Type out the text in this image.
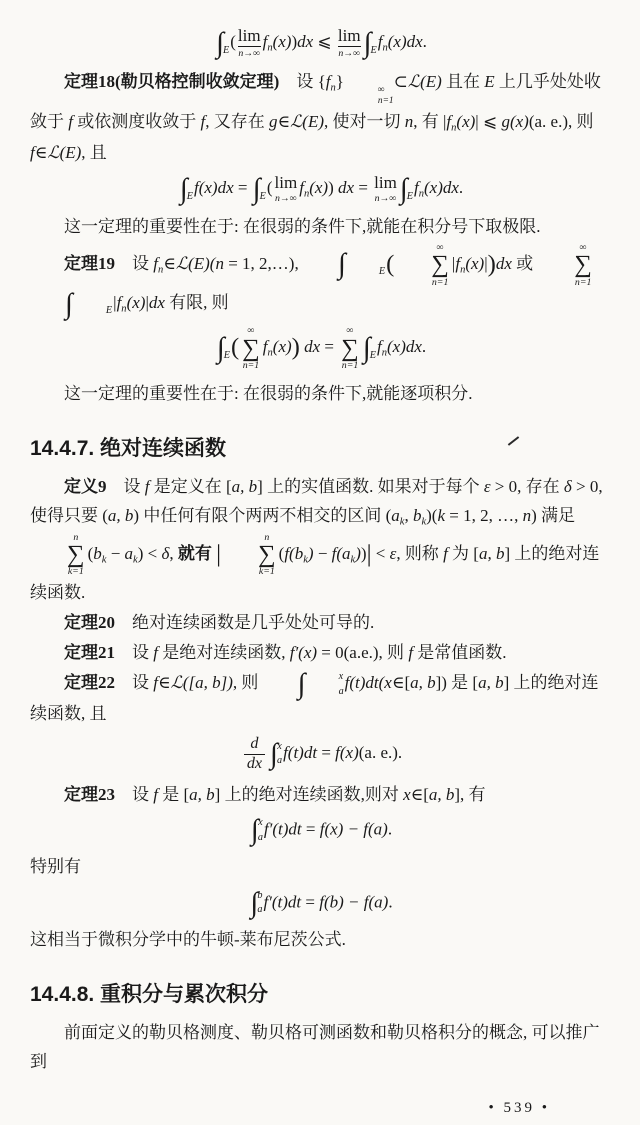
∫ E ( lim
n→∞
$f_n(x))dx$ ⩽ lim
n→∞ ∫ E $f_n(x)dx$.
定理18(勒贝格控制收敛定理)　设 $\{f_n\}$	∞
n=1
⊂ℒ(E) 且在 E 上几乎处处收敛于 f 或依测度收敛于 f, 又存在 g∈ℒ(E), 使对一切 n, 有 $|f_n(x)|$ ⩽ g(x)(a. e.), 则 f∈ℒ(E), 且
∫ E f(x)dx = ∫ E ( lim
n→∞
$f_n(x)$) dx = lim
n→∞ ∫ E $f_n(x)dx$.
这一定理的重要性在于: 在很弱的条件下,就能在积分号下取极限.
定理19　设 $f_n\in ℒ(E)(n = 1$, 2,…),	∫	E (
∞
∑
n=1
$|f_n(x)|)dx$ 或
∞
∑
n=1
∫	E $|f_n(x)|dx$ 有限, 则
∫ E (
∞
∑
n=1
$f_n(x)$) dx =
∞
∑
n=1
∫ E $f_n(x)dx$.
这一定理的重要性在于: 在很弱的条件下,就能逐项积分.
14.4.7. 绝对连续函数
定义9　设 f 是定义在 [a, b] 上的实值函数. 如果对于每个 ε > 0, 存在 δ > 0, 使得只要 (a, b) 中任何有限个两两不相交的区间 ($a_k$, $b_k)(k = 1$, 2, …, n) 满足
n
∑
k=1
$(b_k - a_k) < \delta$, 就有 |
n
∑
k=1
$(f(b_k) - f(a_k))| < \varepsilon$, 则称 f 为 [a, b] 上的绝对连续函数.
定理20　绝对连续函数是几乎处处可导的.
定理21　设 f 是绝对连续函数, f′(x) = 0(a.e.), 则 f 是常值函数.
定理22　设 f∈ℒ([a, b]), 则	∫	x
a f(t)dt(x∈[a, b]) 是 [a, b] 上的绝对连续函数, 且
$\frac{d}{dx}$ ∫ x
a f(t)dt = f(x)(a. e.).
定理23　设 f 是 [a, b] 上的绝对连续函数,则对 x∈[a, b], 有
∫ x
a f′(t)dt = f(x) − f(a).
特别有
∫ b
a f′(t)dt = f(b) − f(a).
这相当于微积分学中的牛顿-莱布尼茨公式.
14.4.8. 重积分与累次积分
前面定义的勒贝格测度、勒贝格可测函数和勒贝格积分的概念, 可以推广到
• 539 •
